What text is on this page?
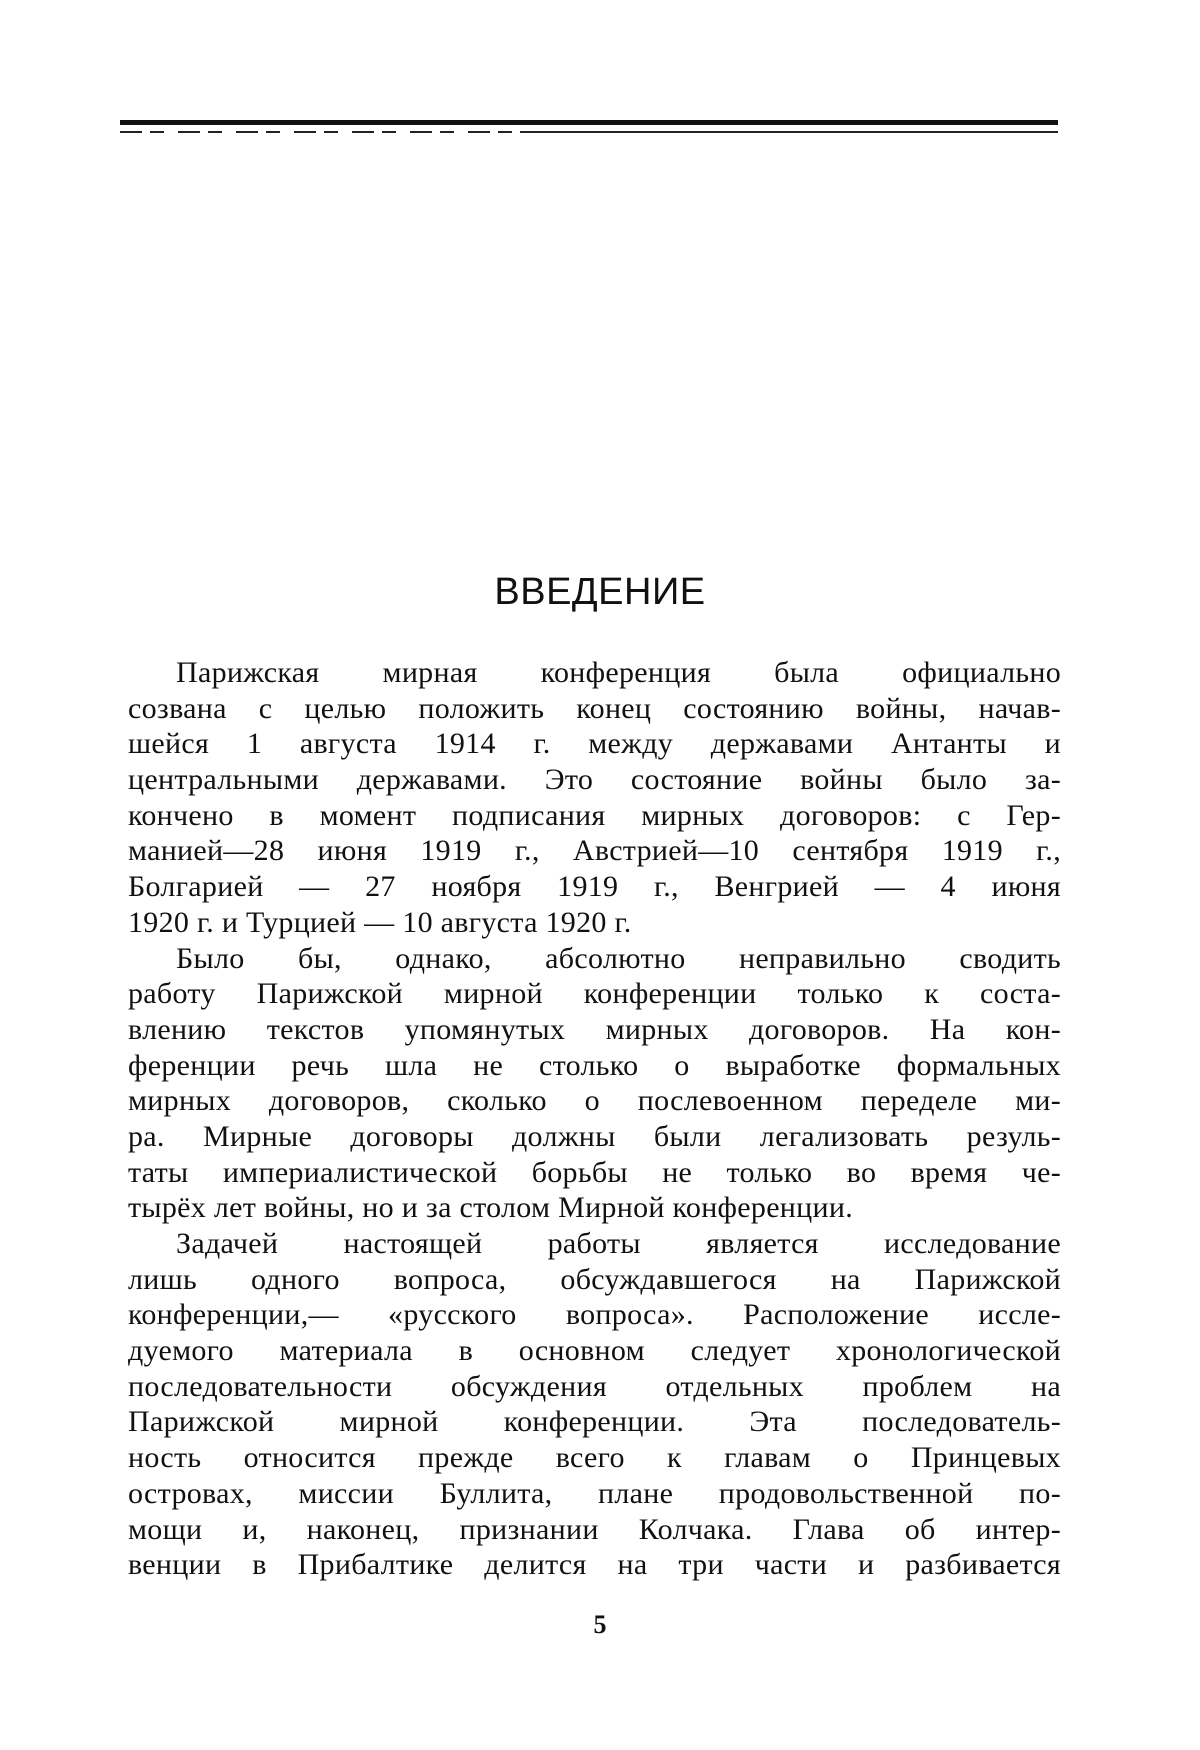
ВВЕДЕНИЕ
Парижская мирная конференция была официально
созвана с целью положить конец состоянию войны, начав-
шейся 1 августа 1914 г. между державами Антанты и
центральными державами. Это состояние войны было за-
кончено в момент подписания мирных договоров: с Гер-
манией—28 июня 1919 г., Австрией—10 сентября 1919 г.,
Болгарией — 27 ноября 1919 г., Венгрией — 4 июня
1920 г. и Турцией — 10 августа 1920 г.
Было бы, однако, абсолютно неправильно сводить
работу Парижской мирной конференции только к соста-
влению текстов упомянутых мирных договоров. На кон-
ференции речь шла не столько о выработке формальных
мирных договоров, сколько о послевоенном переделе ми-
ра. Мирные договоры должны были легализовать резуль-
таты империалистической борьбы не только во время че-
тырёх лет войны, но и за столом Мирной конференции.
Задачей настоящей работы является исследование
лишь одного вопроса, обсуждавшегося на Парижской
конференции,— «русского вопроса». Расположение иссле-
дуемого материала в основном следует хронологической
последовательности обсуждения отдельных проблем на
Парижской мирной конференции. Эта последователь-
ность относится прежде всего к главам о Принцевых
островах, миссии Буллита, плане продовольственной по-
мощи и, наконец, признании Колчака. Глава об интер-
венции в Прибалтике делится на три части и разбивается
5
